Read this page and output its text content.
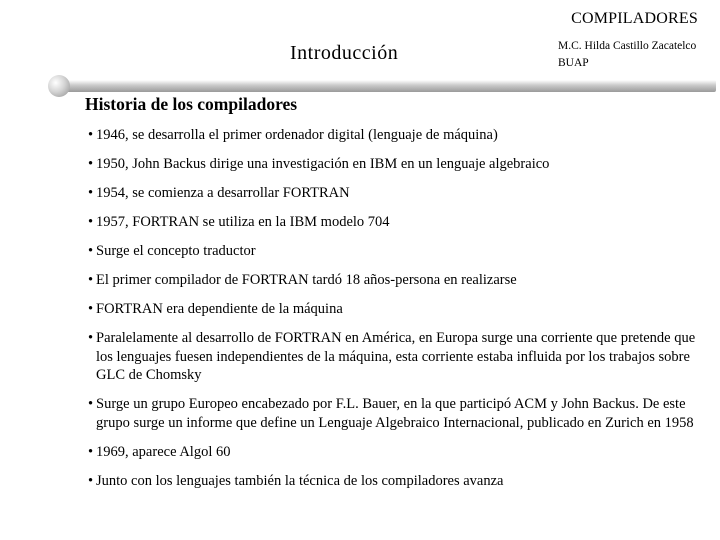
COMPILADORES
Introducción	M.C. Hilda Castillo Zacatelco
BUAP
Historia de los compiladores
• 1946, se desarrolla el primer ordenador digital (lenguaje de máquina)
• 1950, John Backus dirige una investigación en IBM en un lenguaje algebraico
• 1954, se comienza a desarrollar FORTRAN
• 1957, FORTRAN se utiliza en la IBM modelo 704
• Surge el concepto traductor
• El primer compilador de FORTRAN tardó 18 años-persona en realizarse
• FORTRAN era dependiente de la máquina
• Paralelamente al desarrollo de FORTRAN en América, en Europa surge una corriente que pretende que los lenguajes fuesen independientes de la máquina, esta corriente estaba influida por los trabajos sobre GLC de Chomsky
• Surge un grupo Europeo encabezado por F.L. Bauer, en la que participó ACM y John Backus. De este grupo surge un informe que define un Lenguaje Algebraico Internacional, publicado en Zurich en 1958
• 1969, aparece Algol 60
• Junto con los lenguajes también la técnica de los compiladores avanza
